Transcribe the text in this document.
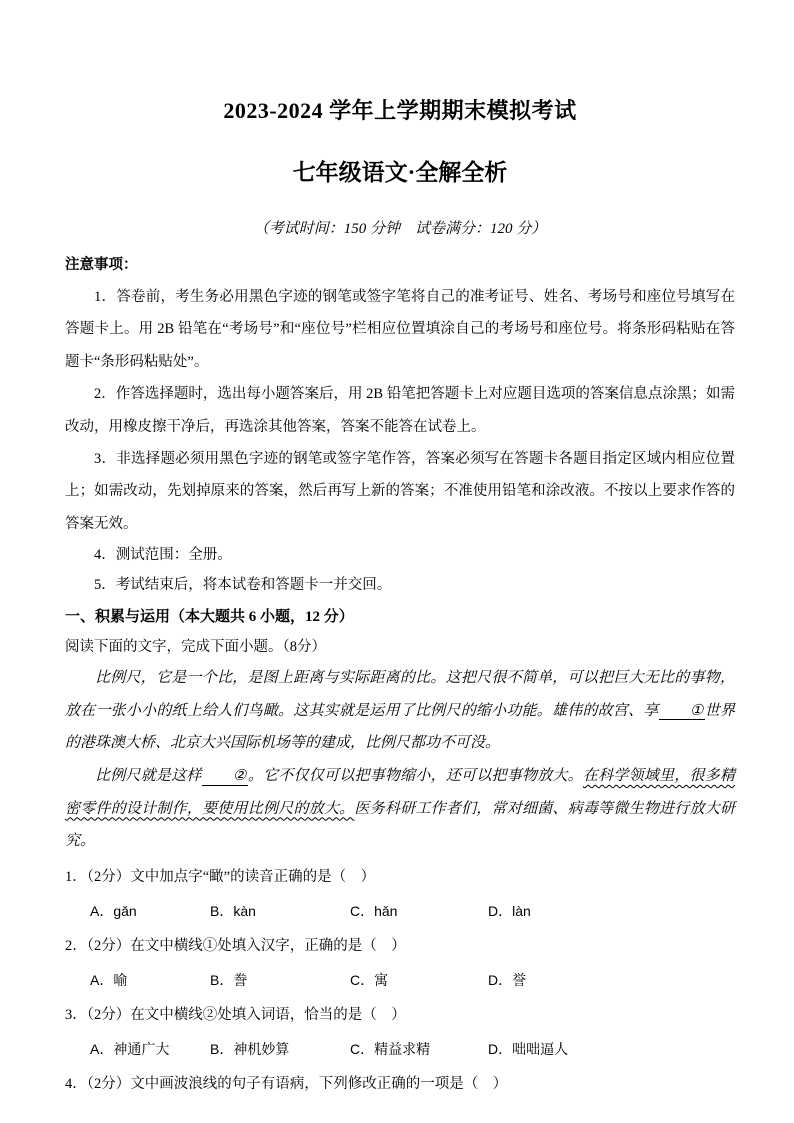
2023-2024 学年上学期期末模拟考试
七年级语文·全解全析
（考试时间：150 分钟　试卷满分：120 分）
注意事项：

1．答卷前，考生务必用黑色字迹的钢笔或签字笔将自己的准考证号、姓名、考场号和座位号填写在答题卡上。用 2B 铅笔在“考场号”和“座位号”栏相应位置填涂自己的考场号和座位号。将条形码粘贴在答题卡“条形码粘贴处”。

2．作答选择题时，选出每小题答案后，用 2B 铅笔把答题卡上对应题目选项的答案信息点涂黑；如需改动，用橡皮擦干净后，再选涂其他答案，答案不能答在试卷上。

3．非选择题必须用黑色字迹的钢笔或签字笔作答，答案必须写在答题卡各题目指定区域内相应位置上；如需改动，先划掉原来的答案，然后再写上新的答案；不准使用铅笔和涂改液。不按以上要求作答的答案无效。

4．测试范围：全册。

5．考试结束后，将本试卷和答题卡一并交回。

一、积累与运用（本大题共 6 小题，12 分）
阅读下面的文字，完成下面小题。（8分）

比例尺，它是一个比，是图上距离与实际距离的比。这把尺很不简单，可以把巨大无比的事物，放在一张小小的纸上给人们鸟瞰。这其实就是运用了比例尺的缩小功能。雄伟的故宫、享 ①世界的港珠澳大桥、北京大兴国际机场等的建成，比例尺都功不可没。

比例尺就是这样 ②。它不仅仅可以把事物缩小，还可以把事物放大。在科学领域里，很多精密零件的设计制作，要使用比例尺的放大。医务科研工作者们，常对细菌、病毒等微生物进行放大研究。

1．（2分）文中加点字“瞰”的读音正确的是（　）

A．gǎn	B．kàn	C．hǎn	D．làn

2．（2分）在文中横线①处填入汉字，正确的是（　）

A．喻	B．誊	C．寓	D．誉

3．（2分）在文中横线②处填入词语，恰当的是（　）

A．神通广大	B．神机妙算	C．精益求精	D．咄咄逼人

4．（2分）文中画波浪线的句子有语病，下列修改正确的一项是（　）
